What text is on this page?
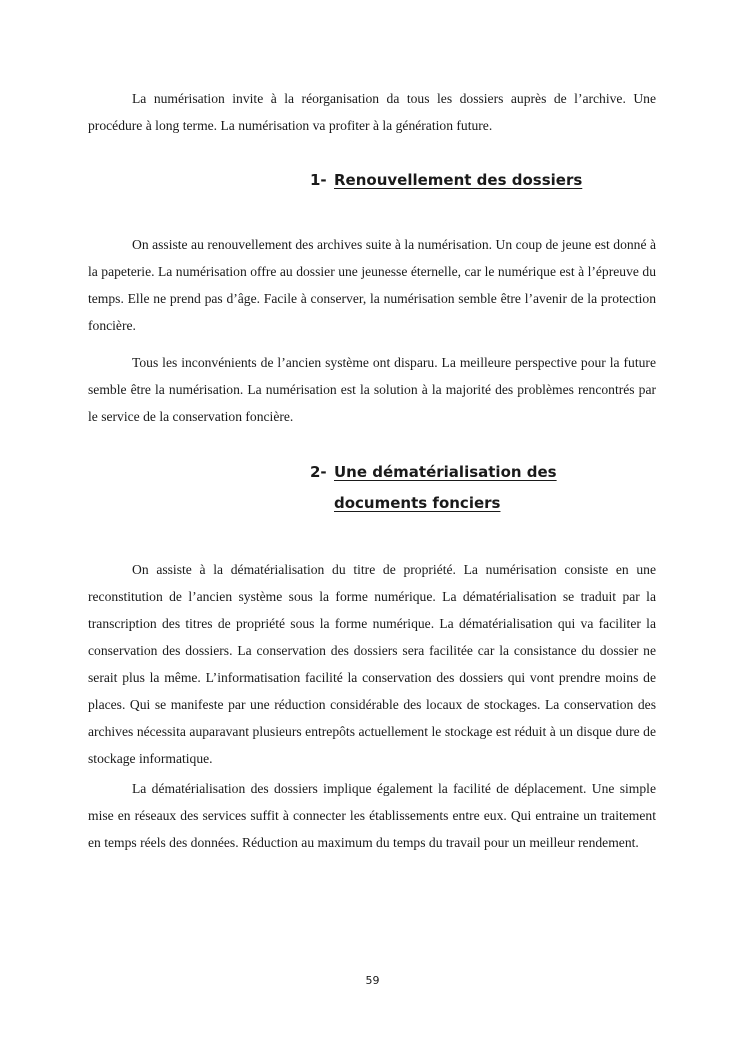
La numérisation invite à la réorganisation da tous les dossiers auprès de l’archive. Une procédure à long terme. La numérisation va profiter à la génération future.

1- Renouvellement des dossiers

On assiste au renouvellement des archives suite à la numérisation. Un coup de jeune est donné à la papeterie. La numérisation offre au dossier une jeunesse éternelle, car le numérique est à l’épreuve du temps. Elle ne prend pas d’âge. Facile à conserver, la numérisation semble être l’avenir de la protection foncière.

Tous les inconvénients de l’ancien système ont disparu. La meilleure perspective pour la future semble être la numérisation. La numérisation est la solution à la majorité des problèmes rencontrés par le service de la conservation foncière.

2- Une dématérialisation des documents fonciers

On assiste à la dématérialisation du titre de propriété. La numérisation consiste en une reconstitution de l’ancien système sous la forme numérique. La dématérialisation se traduit par la transcription des titres de propriété sous la forme numérique. La dématérialisation qui va faciliter la conservation des dossiers. La conservation des dossiers sera facilitée car la consistance du dossier ne serait plus la même. L’informatisation facilité la conservation des dossiers qui vont prendre moins de places. Qui se manifeste par une réduction considérable des locaux de stockages. La conservation des archives nécessita auparavant plusieurs entrepôts actuellement le stockage est réduit à un disque dure de stockage informatique.

La dématérialisation des dossiers implique également la facilité de déplacement. Une simple mise en réseaux des services suffit à connecter les établissements entre eux. Qui entraine un traitement en temps réels des données. Réduction au maximum du temps du travail pour un meilleur rendement.

59
